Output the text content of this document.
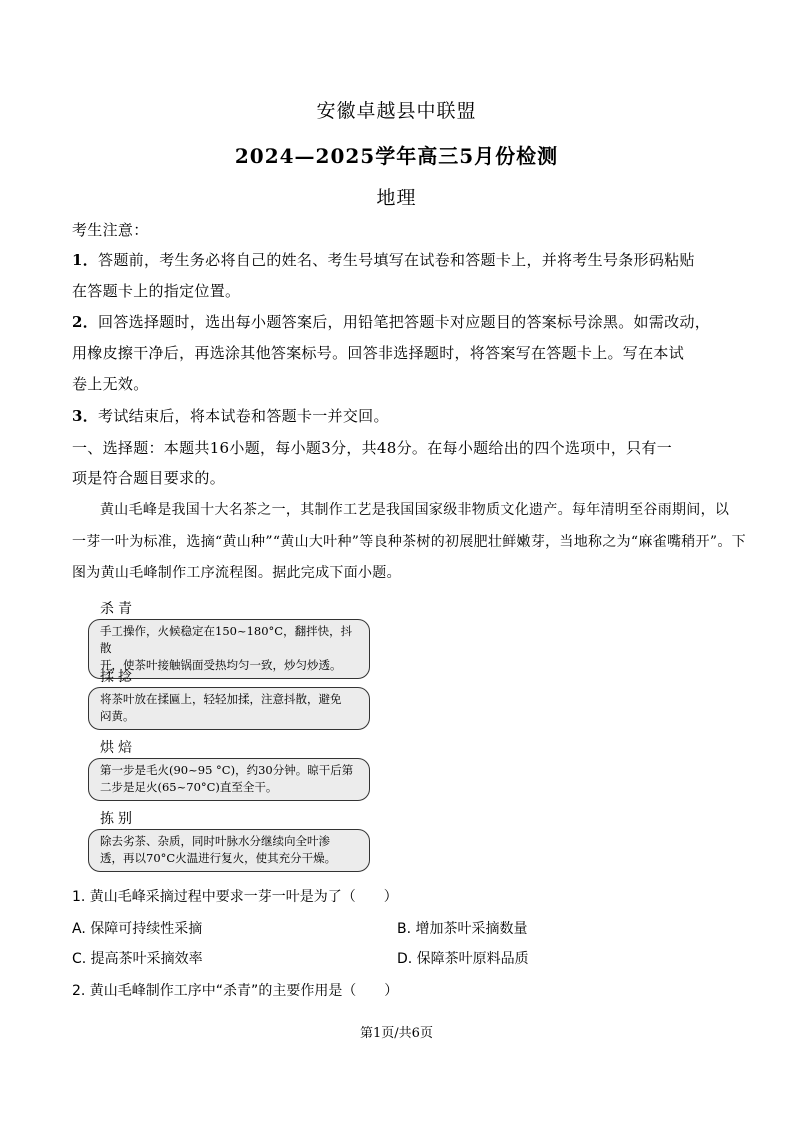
安徽卓越县中联盟
2024—2025学年高三5月份检测
地理
考生注意：
1．答题前，考生务必将自己的姓名、考生号填写在试卷和答题卡上，并将考生号条形码粘贴
在答题卡上的指定位置。
2．回答选择题时，选出每小题答案后，用铅笔把答题卡对应题目的答案标号涂黑。如需改动，
用橡皮擦干净后，再选涂其他答案标号。回答非选择题时，将答案写在答题卡上。写在本试
卷上无效。
3．考试结束后，将本试卷和答题卡一并交回。
一、选择题：本题共16小题，每小题3分，共48分。在每小题给出的四个选项中，只有一
项是符合题目要求的。
黄山毛峰是我国十大名茶之一，其制作工艺是我国国家级非物质文化遗产。每年清明至谷雨期间，以
一芽一叶为标准，选摘“黄山种”“黄山大叶种”等良种茶树的初展肥壮鲜嫩芽，当地称之为“麻雀嘴稍开”。下
图为黄山毛峰制作工序流程图。据此完成下面小题。
杀青
手工操作，火候稳定在150~180°C，翻拌快，抖散
开，使茶叶接触锅面受热均匀一致，炒匀炒透。
揉捻
将茶叶放在揉匾上，轻轻加揉，注意抖散，避免
闷黄。
烘焙
第一步是毛火(90~95 °C)，约30分钟。晾干后第
二步是足火(65~70°C)直至全干。
拣别
除去劣茶、杂质，同时叶脉水分继续向全叶渗
透，再以70°C火温进行复火，使其充分干燥。
1. 黄山毛峰采摘过程中要求一芽一叶是为了（　　）
A. 保障可持续性采摘	B. 增加茶叶采摘数量
C. 提高茶叶采摘效率	D. 保障茶叶原料品质
2. 黄山毛峰制作工序中“杀青”的主要作用是（　　）
第1页/共6页
